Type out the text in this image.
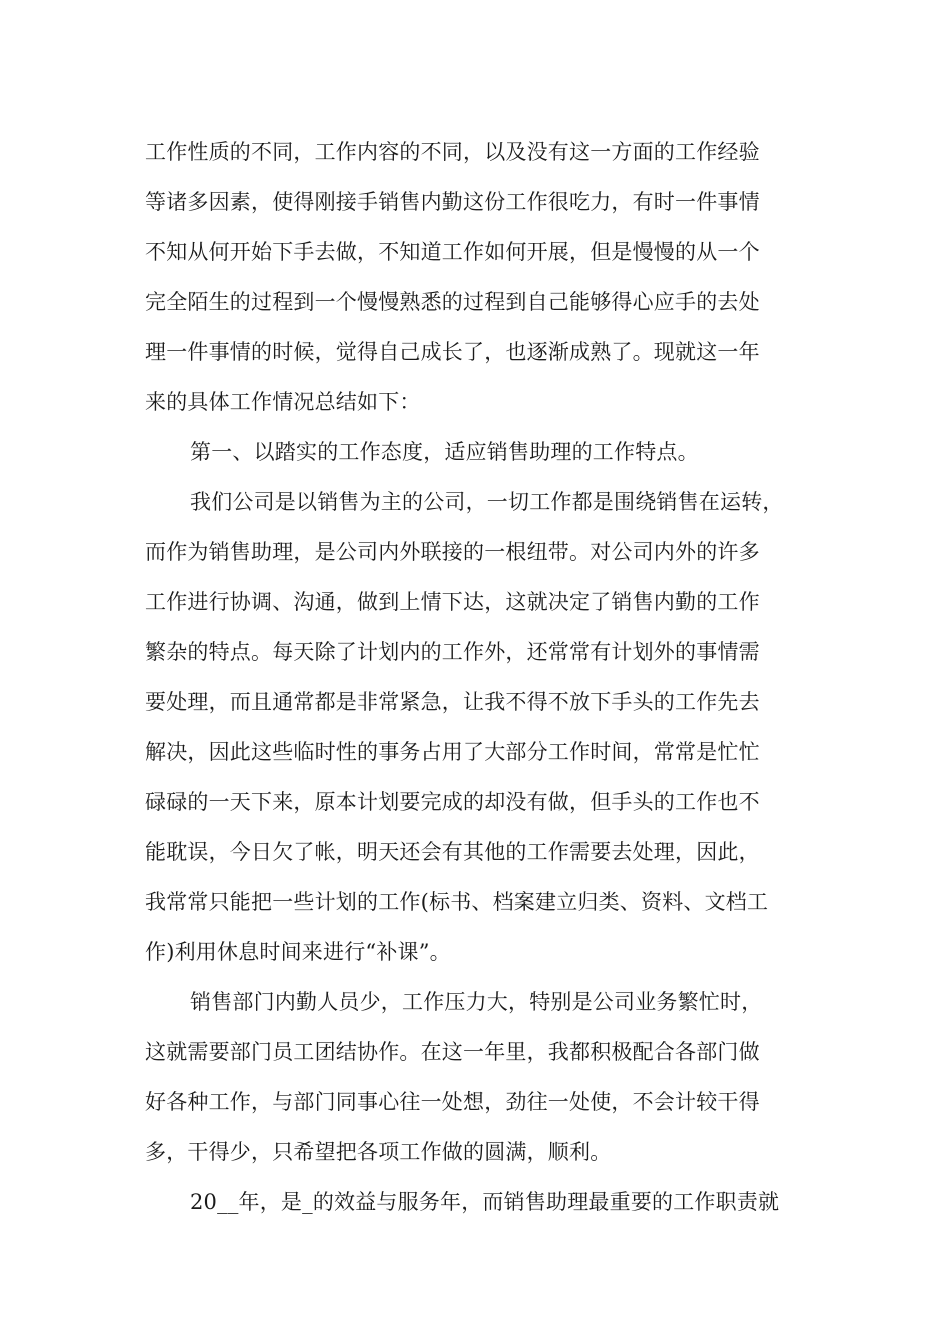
工作性质的不同，工作内容的不同，以及没有这一方面的工作经验
等诸多因素，使得刚接手销售内勤这份工作很吃力，有时一件事情
不知从何开始下手去做，不知道工作如何开展，但是慢慢的从一个
完全陌生的过程到一个慢慢熟悉的过程到自己能够得心应手的去处
理一件事情的时候，觉得自己成长了，也逐渐成熟了。现就这一年
来的具体工作情况总结如下：
第一、以踏实的工作态度，适应销售助理的工作特点。
我们公司是以销售为主的公司，一切工作都是围绕销售在运转，
而作为销售助理，是公司内外联接的一根纽带。对公司内外的许多
工作进行协调、沟通，做到上情下达，这就决定了销售内勤的工作
繁杂的特点。每天除了计划内的工作外，还常常有计划外的事情需
要处理，而且通常都是非常紧急，让我不得不放下手头的工作先去
解决，因此这些临时性的事务占用了大部分工作时间，常常是忙忙
碌碌的一天下来，原本计划要完成的却没有做，但手头的工作也不
能耽误，今日欠了帐，明天还会有其他的工作需要去处理，因此，
我常常只能把一些计划的工作(标书、档案建立归类、资料、文档工
作)利用休息时间来进行“补课”。
销售部门内勤人员少，工作压力大，特别是公司业务繁忙时，
这就需要部门员工团结协作。在这一年里，我都积极配合各部门做
好各种工作，与部门同事心往一处想，劲往一处使，不会计较干得
多，干得少，只希望把各项工作做的圆满，顺利。
20__年，是_的效益与服务年，而销售助理最重要的工作职责就
